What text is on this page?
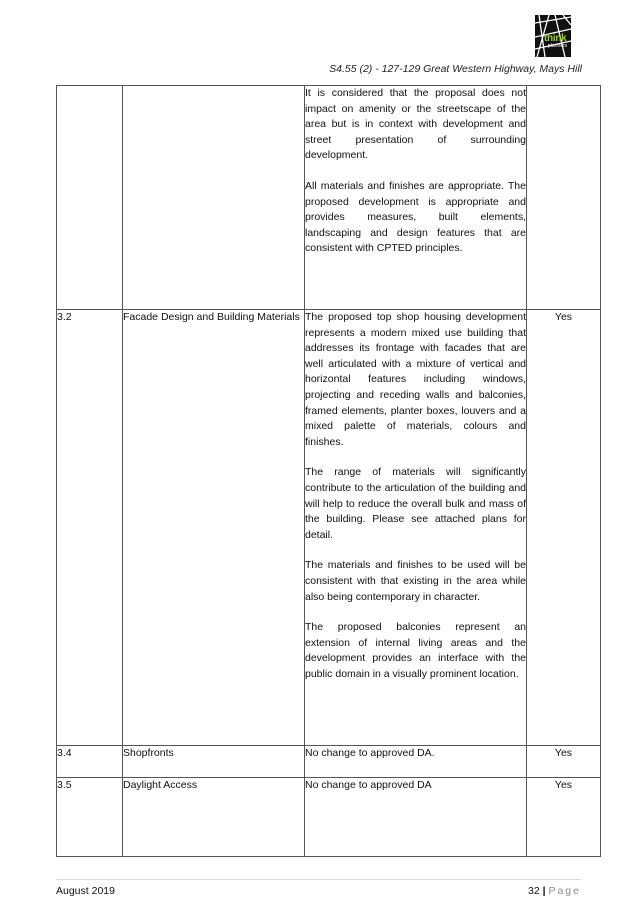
think
planners
S4.55 (2) - 127-129 Great Western Highway, Mays Hill

		It is considered that the proposal does not impact on amenity or the streetscape of the area but is in context with development and street presentation of surrounding development.

All materials and finishes are appropriate. The proposed development is appropriate and provides measures, built elements, landscaping and design features that are consistent with CPTED principles.	

3.2	Facade Design and Building Materials	The proposed top shop housing development represents a modern mixed use building that addresses its frontage with facades that are well articulated with a mixture of vertical and horizontal features including windows, projecting and receding walls and balconies, framed elements, planter boxes, louvers and a mixed palette of materials, colours and finishes.

The range of materials will significantly contribute to the articulation of the building and will help to reduce the overall bulk and mass of the building. Please see attached plans for detail.

The materials and finishes to be used will be consistent with that existing in the area while also being contemporary in character.

The proposed balconies represent an extension of internal living areas and the development provides an interface with the public domain in a visually prominent location.	Yes
3.4	Shopfronts	No change to approved DA.	Yes
3.5	Daylight Access	No change to approved DA	Yes
August 2019	32 | Page
